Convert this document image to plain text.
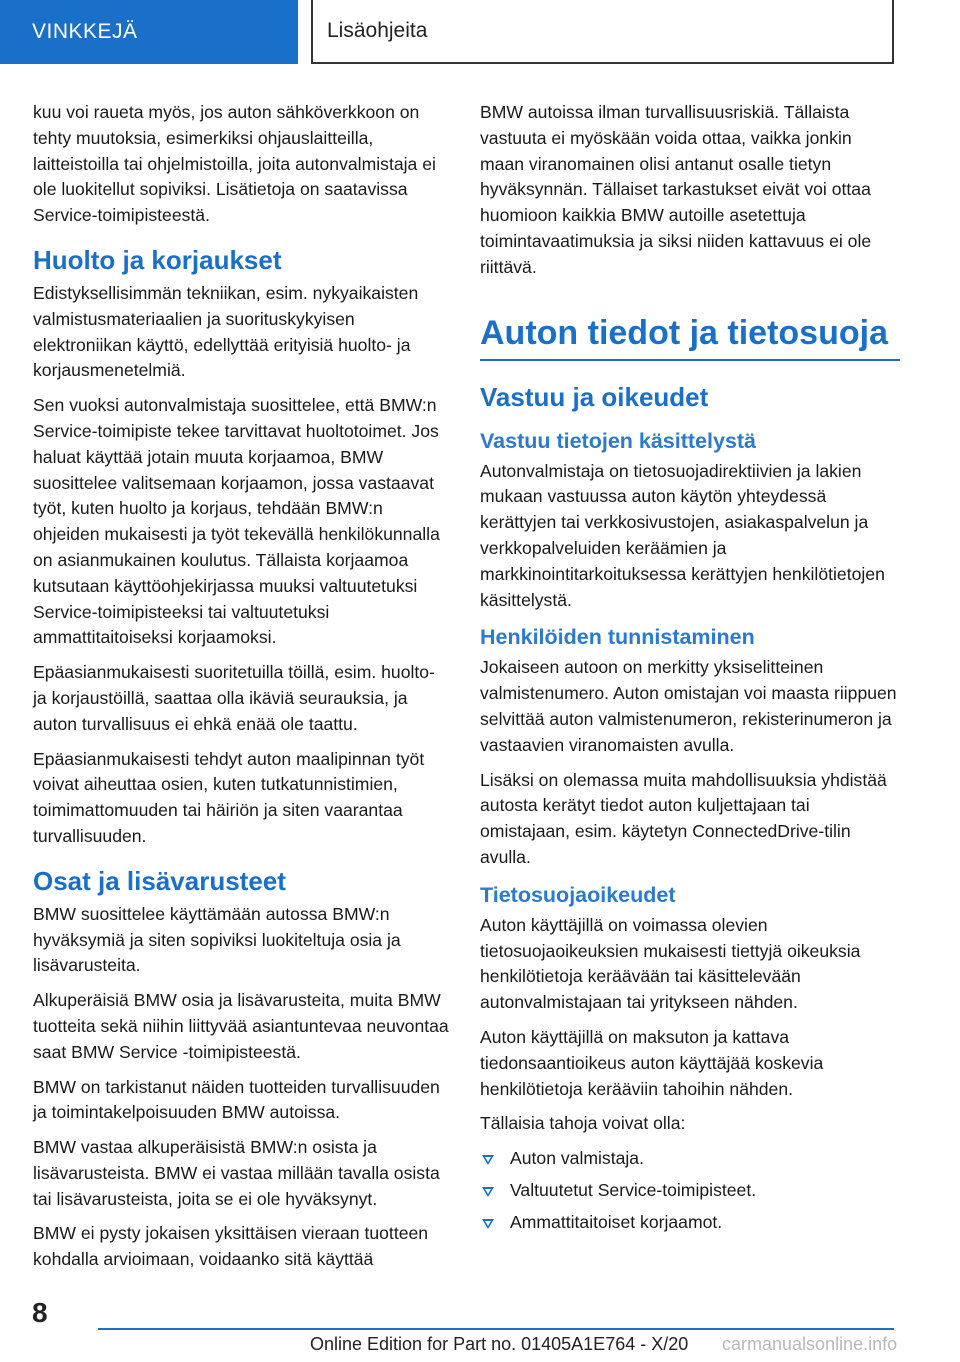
VINKKEJÄ	Lisäohjeita

kuu voi raueta myös, jos auton sähköverkkoon on tehty muutoksia, esimerkiksi ohjauslaitteilla, laitteistoilla tai ohjelmistoilla, joita autonvalmistaja ei ole luokitellut sopiviksi. Lisätietoja on saatavissa Service-toimipisteestä.

Huolto ja korjaukset

Edistyksellisimmän tekniikan, esim. nykyaikaisten valmistusmateriaalien ja suorituskykyisen elektroniikan käyttö, edellyttää erityisiä huolto- ja korjausmenetelmiä.

Sen vuoksi autonvalmistaja suosittelee, että BMW:n Service-toimipiste tekee tarvittavat huoltotoimet. Jos haluat käyttää jotain muuta korjaamoa, BMW suosittelee valitsemaan korjaamon, jossa vastaavat työt, kuten huolto ja korjaus, tehdään BMW:n ohjeiden mukaisesti ja työt tekevällä henkilökunnalla on asianmukainen koulutus. Tällaista korjaamoa kutsutaan käyttöohjekirjassa muuksi valtuutetuksi Service-toimipisteeksi tai valtuutetuksi ammattitaitoiseksi korjaamoksi.

Epäasianmukaisesti suoritetuilla töillä, esim. huolto- ja korjaustöillä, saattaa olla ikäviä seurauksia, ja auton turvallisuus ei ehkä enää ole taattu.

Epäasianmukaisesti tehdyt auton maalipinnan työt voivat aiheuttaa osien, kuten tutkatunnistimien, toimimattomuuden tai häiriön ja siten vaarantaa turvallisuuden.

Osat ja lisävarusteet

BMW suosittelee käyttämään autossa BMW:n hyväksymiä ja siten sopiviksi luokiteltuja osia ja lisävarusteita.

Alkuperäisiä BMW osia ja lisävarusteita, muita BMW tuotteita sekä niihin liittyvää asiantuntevaa neuvontaa saat BMW Service -toimipisteestä.

BMW on tarkistanut näiden tuotteiden turvallisuuden ja toimintakelpoisuuden BMW autoissa.

BMW vastaa alkuperäisistä BMW:n osista ja lisävarusteista. BMW ei vastaa millään tavalla osista tai lisävarusteista, joita se ei ole hyväksynyt.

BMW ei pysty jokaisen yksittäisen vieraan tuotteen kohdalla arvioimaan, voidaanko sitä käyttää

BMW autoissa ilman turvallisuusriskiä. Tällaista vastuuta ei myöskään voida ottaa, vaikka jonkin maan viranomainen olisi antanut osalle tietyn hyväksynnän. Tällaiset tarkastukset eivät voi ottaa huomioon kaikkia BMW autoille asetettuja toimintavaatimuksia ja siksi niiden kattavuus ei ole riittävä.

Auton tiedot ja tietosuoja
Vastuu ja oikeudet
Vastuu tietojen käsittelystä

Autonvalmistaja on tietosuojadirektiivien ja lakien mukaan vastuussa auton käytön yhteydessä kerättyjen tai verkkosivustojen, asiakaspalvelun ja verkkopalveluiden keräämien ja markkinointitarkoituksessa kerättyjen henkilötietojen käsittelystä.

Henkilöiden tunnistaminen

Jokaiseen autoon on merkitty yksiselitteinen valmistenumero. Auton omistajan voi maasta riippuen selvittää auton valmistenumeron, rekisterinumeron ja vastaavien viranomaisten avulla.

Lisäksi on olemassa muita mahdollisuuksia yhdistää autosta kerätyt tiedot auton kuljettajaan tai omistajaan, esim. käytetyn ConnectedDrive-tilin avulla.

Tietosuojaoikeudet

Auton käyttäjillä on voimassa olevien tietosuojaoikeuksien mukaisesti tiettyjä oikeuksia henkilötietoja keräävään tai käsittelevään autonvalmistajaan tai yritykseen nähden.

Auton käyttäjillä on maksuton ja kattava tiedonsaantioikeus auton käyttäjää koskevia henkilötietoja kerääviin tahoihin nähden.

Tällaisia tahoja voivat olla:

Auton valmistaja.
Valtuutetut Service-toimipisteet.
Ammattitaitoiset korjaamot.
8
Online Edition for Part no. 01405A1E764 - X/20 carmanualsonline.info
